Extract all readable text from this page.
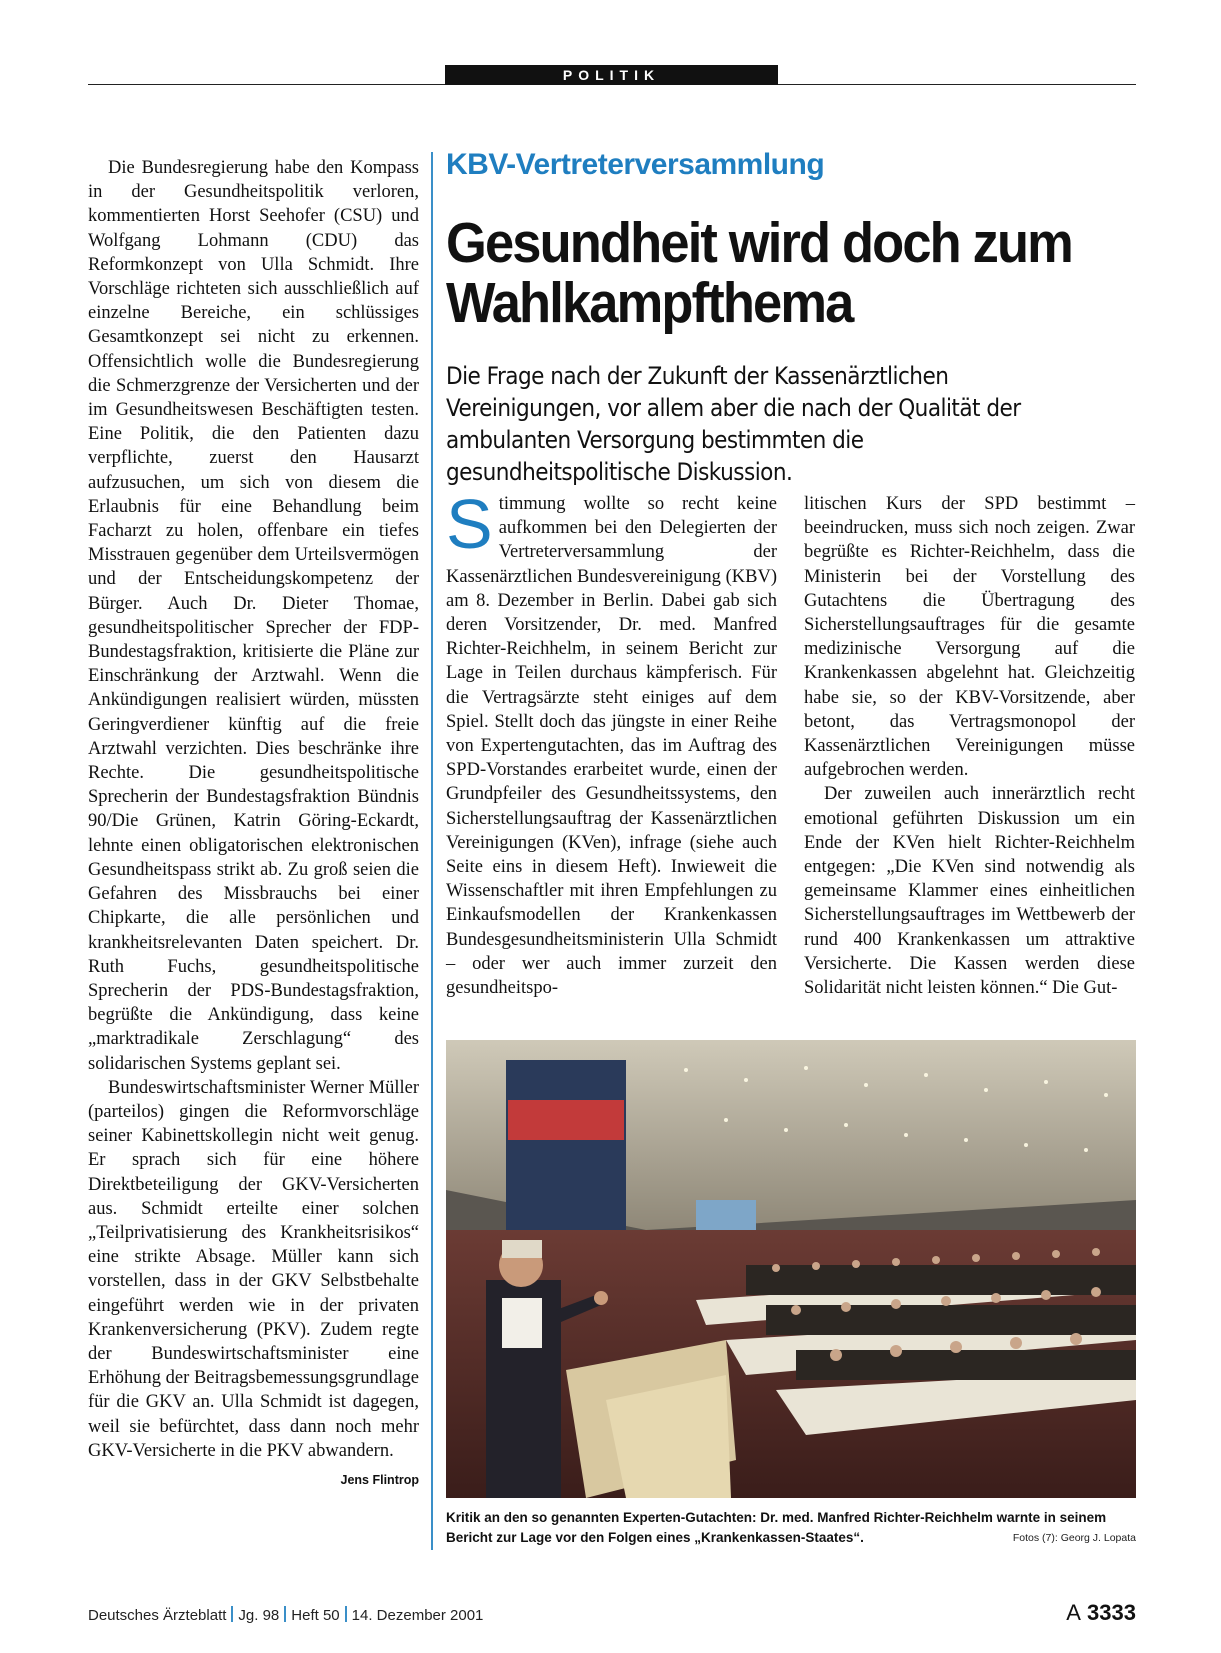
POLITIK

Die Bundesregierung habe den Kompass in der Gesundheitspolitik verloren, kommentierten Horst Seehofer (CSU) und Wolfgang Lohmann (CDU) das Reformkonzept von Ulla Schmidt. Ihre Vorschläge richteten sich ausschließlich auf einzelne Bereiche, ein schlüssiges Gesamtkonzept sei nicht zu erkennen. Offensichtlich wolle die Bundesregierung die Schmerzgrenze der Versicherten und der im Gesundheitswesen Beschäftigten testen. Eine Politik, die den Patienten dazu verpflichte, zuerst den Hausarzt aufzusuchen, um sich von diesem die Erlaubnis für eine Behandlung beim Facharzt zu holen, offenbare ein tiefes Misstrauen gegenüber dem Urteilsvermögen und der Entscheidungskompetenz der Bürger. Auch Dr. Dieter Thomae, gesundheitspolitischer Sprecher der FDP-Bundestagsfraktion, kritisierte die Pläne zur Einschränkung der Arztwahl. Wenn die Ankündigungen realisiert würden, müssten Geringverdiener künftig auf die freie Arztwahl verzichten. Dies beschränke ihre Rechte. Die gesundheitspolitische Sprecherin der Bundestagsfraktion Bündnis 90/Die Grünen, Katrin Göring-Eckardt, lehnte einen obligatorischen elektronischen Gesundheitspass strikt ab. Zu groß seien die Gefahren des Missbrauchs bei einer Chipkarte, die alle persönlichen und krankheitsrelevanten Daten speichert. Dr. Ruth Fuchs, gesundheitspolitische Sprecherin der PDS-Bundestagsfraktion, begrüßte die Ankündigung, dass keine „marktradikale Zerschlagung“ des solidarischen Systems geplant sei.

Bundeswirtschaftsminister Werner Müller (parteilos) gingen die Reformvorschläge seiner Kabinettskollegin nicht weit genug. Er sprach sich für eine höhere Direktbeteiligung der GKV-Versicherten aus. Schmidt erteilte einer solchen „Teilprivatisierung des Krankheitsrisikos“ eine strikte Absage. Müller kann sich vorstellen, dass in der GKV Selbstbehalte eingeführt werden wie in der privaten Krankenversicherung (PKV). Zudem regte der Bundeswirtschaftsminister eine Erhöhung der Beitragsbemessungsgrundlage für die GKV an. Ulla Schmidt ist dagegen, weil sie befürchtet, dass dann noch mehr GKV-Versicherte in die PKV abwandern.
Jens Flintrop

KBV-Vertreterversammlung
Gesundheit wird doch zum
Wahlkampfthema
Die Frage nach der Zukunft der Kassenärztlichen Vereinigungen, vor allem aber die nach der Qualität der ambulanten Versorgung bestimmten die gesundheitspolitische Diskussion.

Stimmung wollte so recht keine aufkommen bei den Delegierten der Vertreterversammlung der Kassenärztlichen Bundesvereinigung (KBV) am 8. Dezember in Berlin. Dabei gab sich deren Vorsitzender, Dr. med. Manfred Richter-Reichhelm, in seinem Bericht zur Lage in Teilen durchaus kämpferisch. Für die Vertragsärzte steht einiges auf dem Spiel. Stellt doch das jüngste in einer Reihe von Expertengutachten, das im Auftrag des SPD-Vorstandes erarbeitet wurde, einen der Grundpfeiler des Gesundheitssystems, den Sicherstellungsauftrag der Kassenärztlichen Vereinigungen (KVen), infrage (siehe auch Seite eins in diesem Heft). Inwieweit die Wissenschaftler mit ihren Empfehlungen zu Einkaufsmodellen der Krankenkassen Bundesgesundheitsministerin Ulla Schmidt – oder wer auch immer zurzeit den gesundheitspo-

litischen Kurs der SPD bestimmt – beeindrucken, muss sich noch zeigen. Zwar begrüßte es Richter-Reichhelm, dass die Ministerin bei der Vorstellung des Gutachtens die Übertragung des Sicherstellungsauftrages für die gesamte medizinische Versorgung auf die Krankenkassen abgelehnt hat. Gleichzeitig habe sie, so der KBV-Vorsitzende, aber betont, das Vertragsmonopol der Kassenärztlichen Vereinigungen müsse aufgebrochen werden.

Der zuweilen auch innerärztlich recht emotional geführten Diskussion um ein Ende der KVen hielt Richter-Reichhelm entgegen: „Die KVen sind notwendig als gemeinsame Klammer eines einheitlichen Sicherstellungsauftrages im Wettbewerb der rund 400 Krankenkassen um attraktive Versicherte. Die Kassen werden diese Solidarität nicht leisten können.“ Die Gut-

Kritik an den so genannten Experten-Gutachten: Dr. med. Manfred Richter-Reichhelm warnte in seinem Bericht zur Lage vor den Folgen eines „Krankenkassen-Staates“.	Fotos (7): Georg J. Lopata
Deutsches Ärzteblatt Jg. 98 Heft 50 14. Dezember 2001	A 3333
